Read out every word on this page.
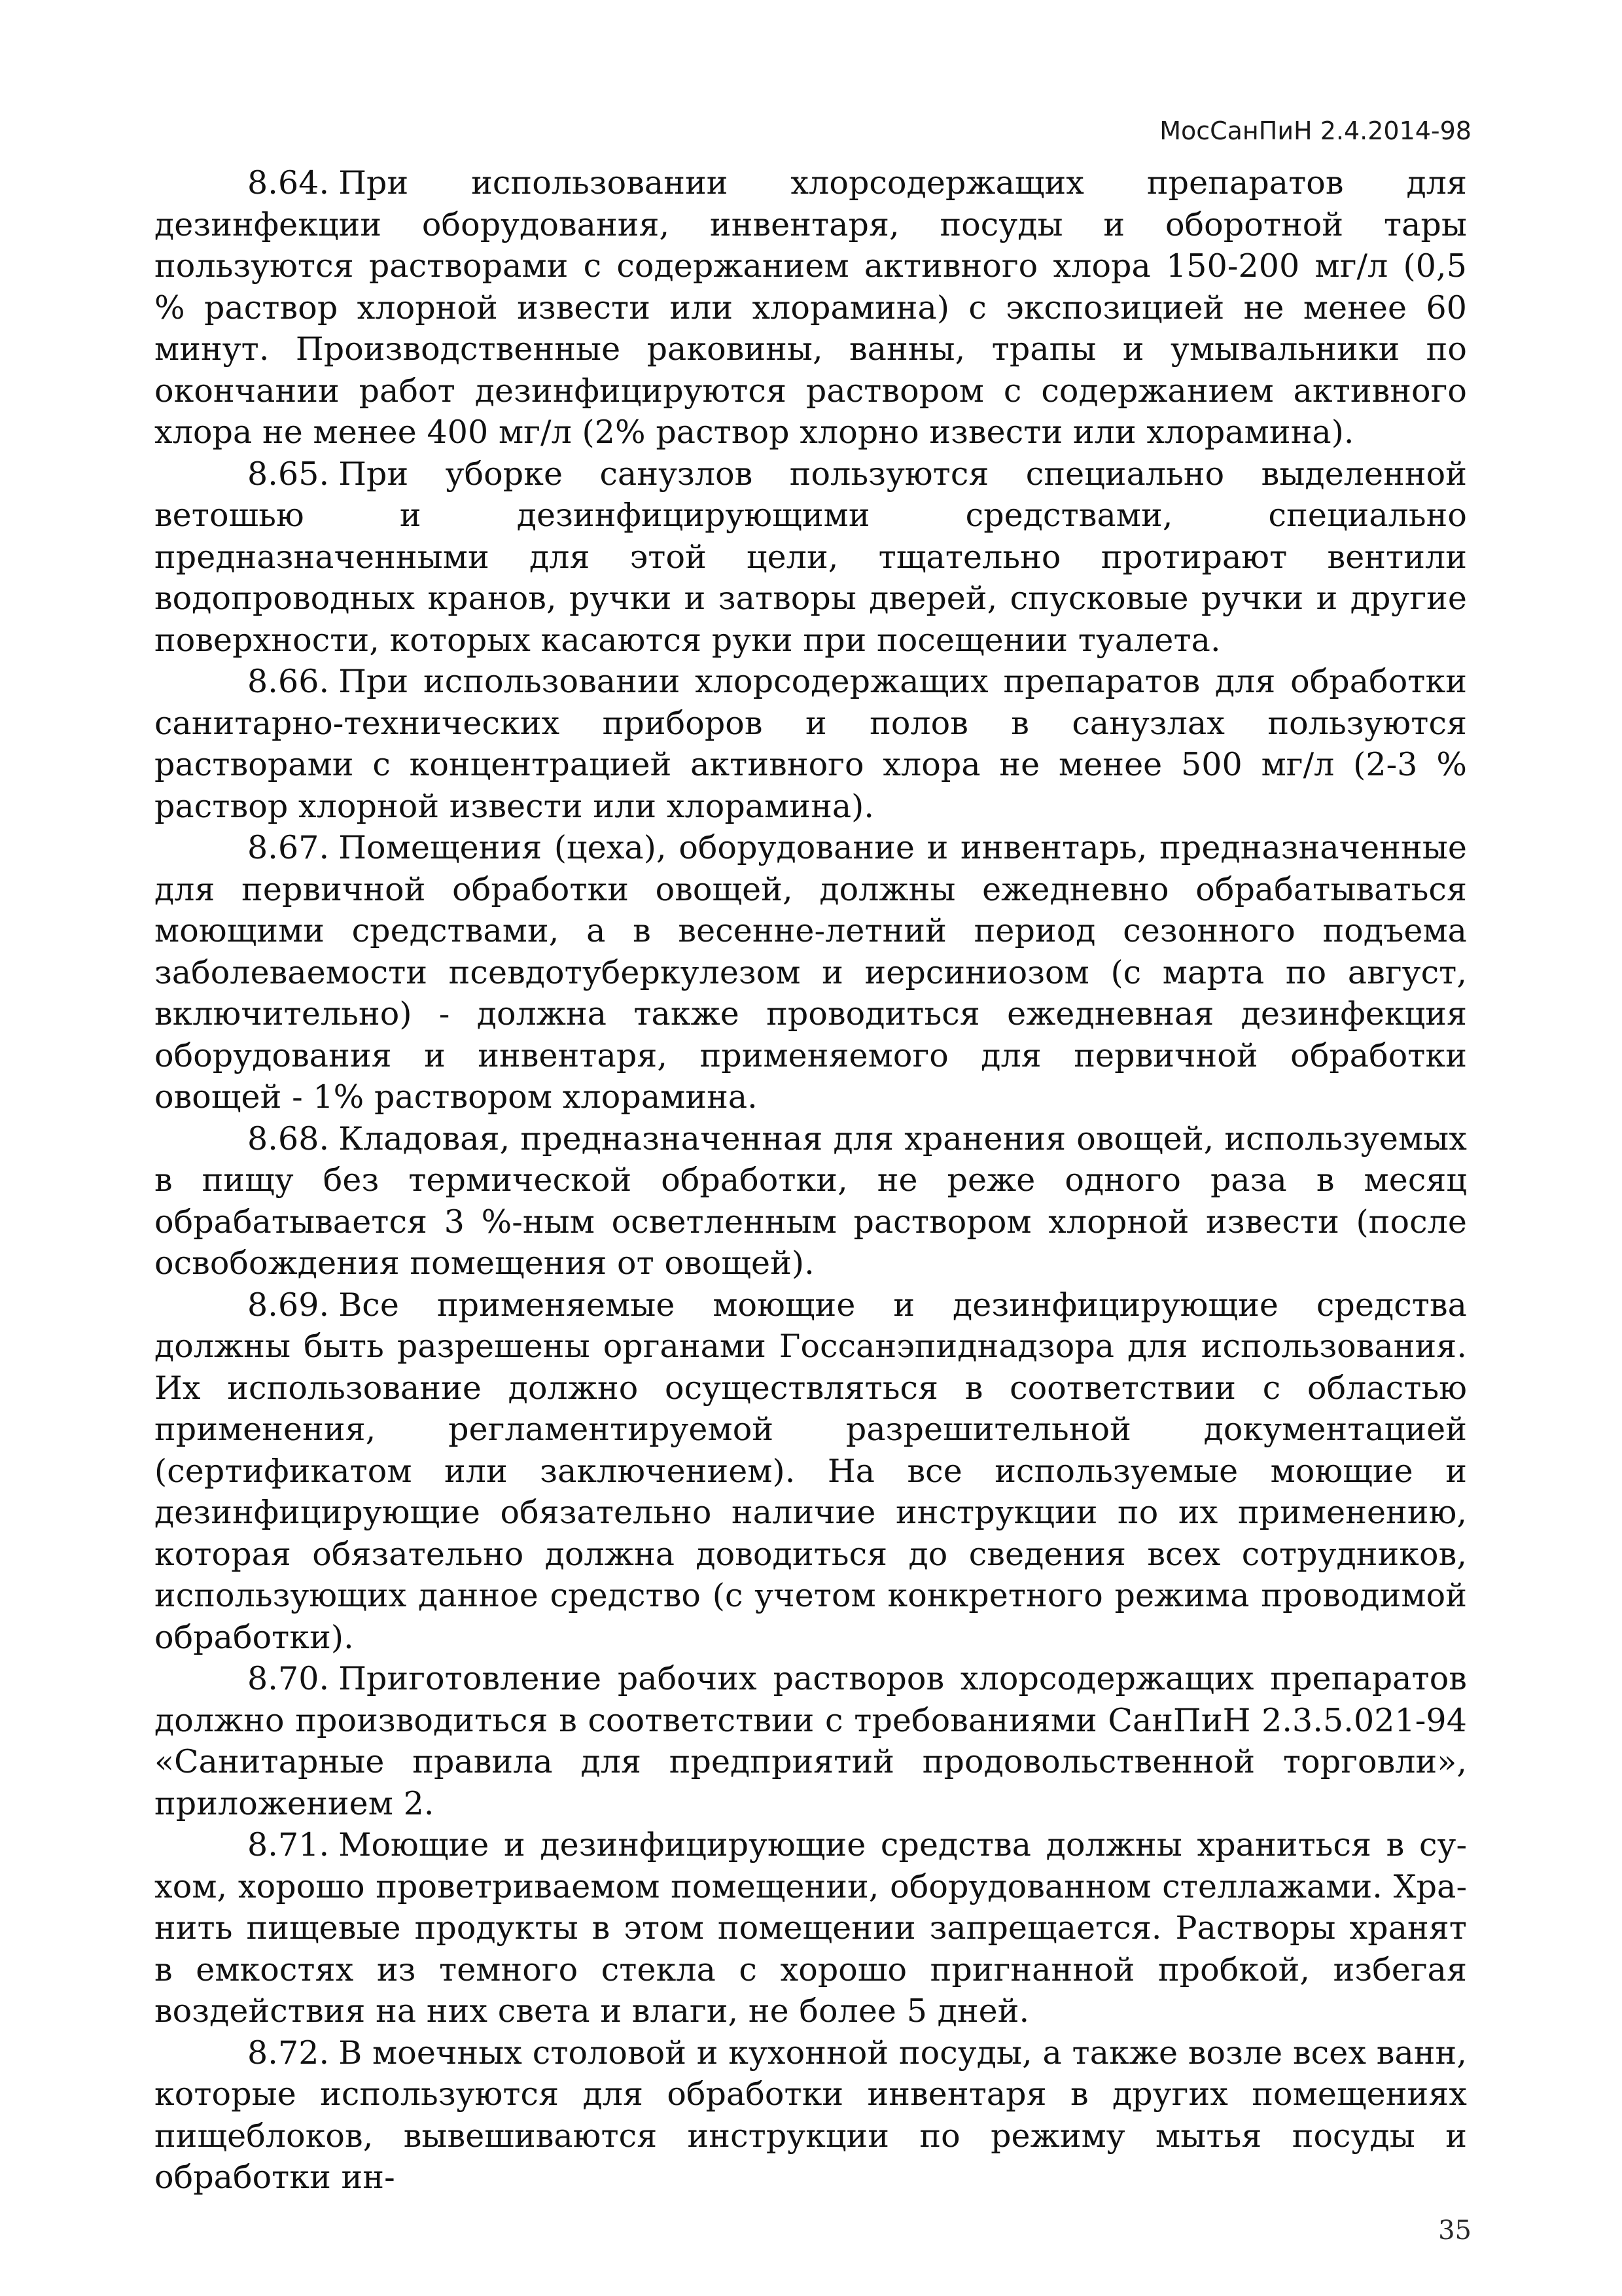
МосСанПиН 2.4.2014-98

8.64. При использовании хлорсодержащих препаратов для дезинфекции оборудования, инвентаря, посуды и оборотной тары пользуются растворами с содержанием активного хлора 150-200 мг/л (0,5 % раствор хлорной извести или хлорамина) с экспозицией не менее 60 минут. Производственные раковины, ванны, трапы и умывальники по окончании работ дезинфицируются раствором с содержанием активного хлора не менее 400 мг/л (2% раствор хлорно извести или хлорамина).

8.65. При уборке санузлов пользуются специально выделенной ветошью и дезинфицирующими средствами, специально предназначенными для этой цели, тщательно протирают вентили водопроводных кранов, ручки и затворы дверей, спусковые ручки и другие поверхности, которых касаются руки при посещении туалета.

8.66. При использовании хлорсодержащих препаратов для обработки санитарно-технических приборов и полов в санузлах пользуются растворами с концентрацией активного хлора не менее 500 мг/л (2-3 % раствор хлорной извести или хлорамина).

8.67. Помещения (цеха), оборудование и инвентарь, предназначенные для первичной обработки овощей, должны ежедневно обрабатываться моющими средствами, а в весенне-летний период сезонного подъема заболеваемости псевдотуберкулезом и иерсиниозом (с марта по август, включительно) - должна также проводиться ежедневная дезинфекция оборудования и инвентаря, применяемого для первичной обработки овощей - 1% раствором хлорамина.

8.68. Кладовая, предназначенная для хранения овощей, используемых в пищу без термической обработки, не реже одного раза в месяц обрабатывается 3 %-ным осветленным раствором хлорной извести (после освобождения помещения от овощей).

8.69. Все применяемые моющие и дезинфицирующие средства должны быть разрешены органами Госсанэпиднадзора для использования. Их использование должно осуществляться в соответствии с областью применения, регламентируемой разрешительной документацией (сертификатом или заключением). На все используемые моющие и дезинфицирующие обязательно наличие инструкции по их применению, которая обязательно должна доводиться до сведения всех сотрудников, использующих данное средство (с учетом конкретного режима проводимой обработки).

8.70. Приготовление рабочих растворов хлорсодержащих препаратов должно производиться в соответствии с требованиями СанПиН 2.3.5.021-94 «Санитарные правила для предприятий продовольственной торговли», приложением 2.

8.71. Моющие и дезинфицирующие средства должны храниться в сухом, хорошо проветриваемом помещении, оборудованном стеллажами. Хранить пищевые продукты в этом помещении запрещается. Растворы хранят в емкостях из темного стекла с хорошо пригнанной пробкой, избегая воздействия на них света и влаги, не более 5 дней.

8.72. В моечных столовой и кухонной посуды, а также возле всех ванн, которые используются для обработки инвентаря в других помещениях пищеблоков, вывешиваются инструкции по режиму мытья посуды и обработки ин-

35
